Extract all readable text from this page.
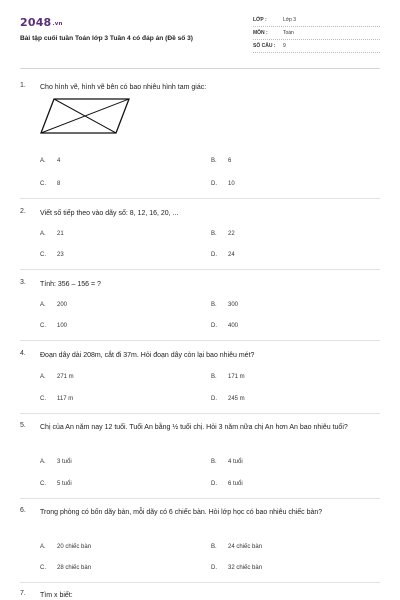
2048.vn
Bài tập cuối tuần Toán lớp 3 Tuần 4 có đáp án (Đề số 3)
LỚP :	Lớp 3
MÔN :	Toán
SỐ CÂU : 9
1. Cho hình vẽ, hình vẽ bên có bao nhiêu hình tam giác:
A. 4	B. 6
C. 8	D. 10
2. Viết số tiếp theo vào dãy số: 8, 12, 16, 20, ...
A. 21	B. 22
C. 23	D. 24
3. Tính: 356 – 156 = ?
A. 200	B. 300
C. 100	D. 400
4. Đoạn dây dài 208m, cắt đi 37m. Hỏi đoạn dây còn lại bao nhiêu mét?
A. 271 m	B. 171 m
C. 117 m	D. 245 m
5. Chị của An năm nay 12 tuổi. Tuổi An bằng ½ tuổi chị. Hỏi 3 năm nữa chị An hơn An bao nhiêu tuổi?
A. 3 tuổi	B. 4 tuổi
C. 5 tuổi	D. 6 tuổi
6. Trong phòng có bốn dãy bàn, mỗi dãy có 6 chiếc bàn. Hỏi lớp học có bao nhiêu chiếc bàn?
A. 20 chiếc bàn	B. 24 chiếc bàn
C. 28 chiếc bàn	D. 32 chiếc bàn
7. Tìm x biết:
